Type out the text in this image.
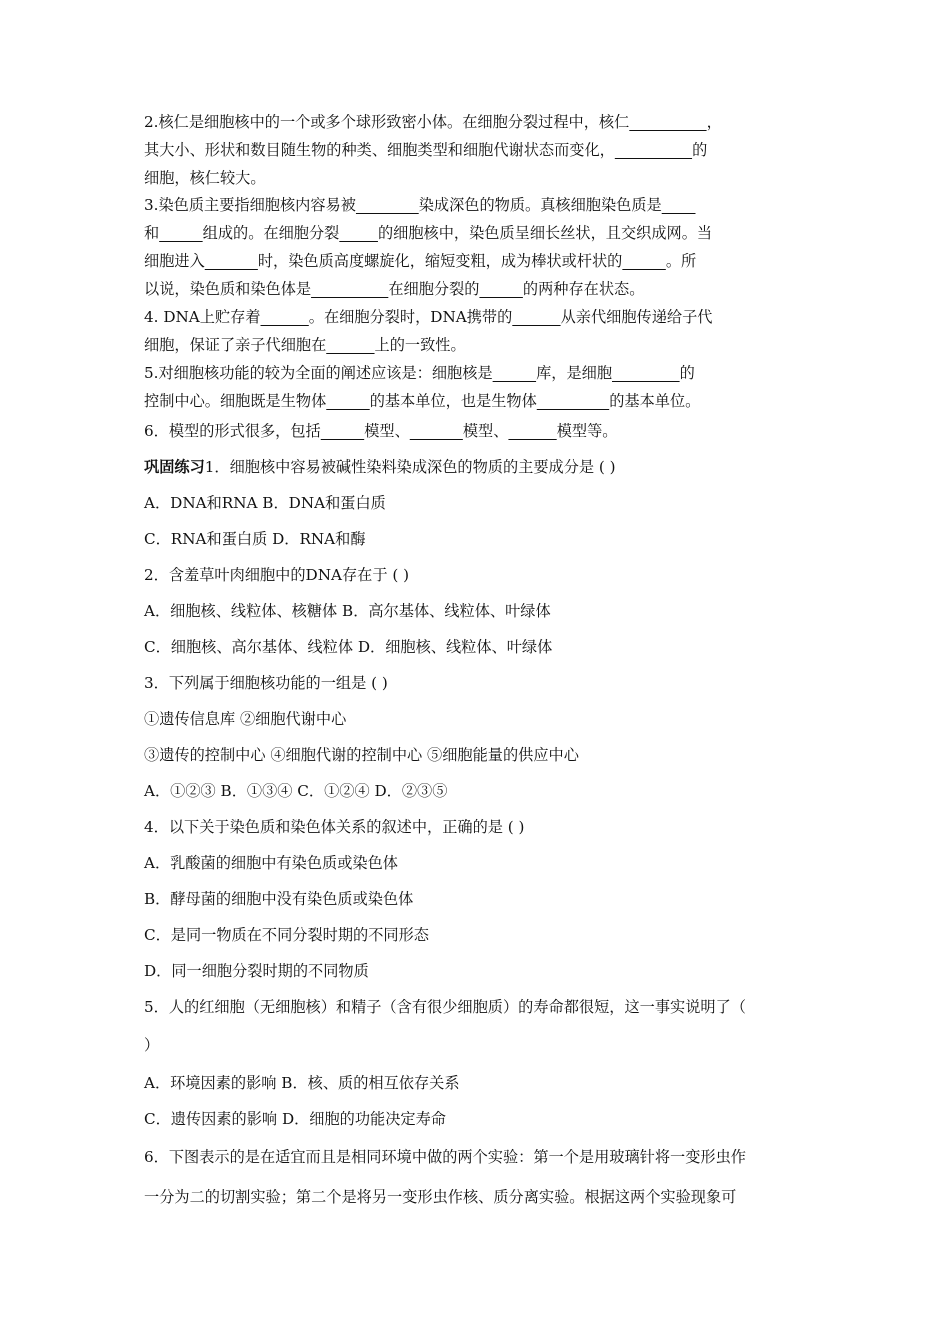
2.核仁是细胞核中的一个或多个球形致密小体。在细胞分裂过程中，核仁	，
其大小、形状和数目随生物的种类、细胞类型和细胞代谢状态而变化，	的
细胞，核仁较大。
3.染色质主要指细胞核内容易被	染成深色的物质。真核细胞染色质是
和	组成的。在细胞分裂	的细胞核中，染色质呈细长丝状，且交织成网。当
细胞进入	时，染色质高度螺旋化，缩短变粗，成为棒状或杆状的	。所
以说，染色质和染色体是	在细胞分裂的	的两种存在状态。
4. DNA上贮存着	。在细胞分裂时，DNA携带的	从亲代细胞传递给子代
细胞，保证了亲子代细胞在	上的一致性。
5.对细胞核功能的较为全面的阐述应该是：细胞核是	库，是细胞	的
控制中心。细胞既是生物体	的基本单位，也是生物体	的基本单位。
6．模型的形式很多，包括	模型、	模型、	模型等。
巩固练习1．细胞核中容易被碱性染料染成深色的物质的主要成分是 ( )
A．DNA和RNA B．DNA和蛋白质
C．RNA和蛋白质 D．RNA和酶
2．含羞草叶肉细胞中的DNA存在于 ( )
A．细胞核、线粒体、核糖体 B．高尔基体、线粒体、叶绿体
C．细胞核、高尔基体、线粒体 D．细胞核、线粒体、叶绿体
3．下列属于细胞核功能的一组是 ( )
①遗传信息库 ②细胞代谢中心
③遗传的控制中心 ④细胞代谢的控制中心 ⑤细胞能量的供应中心
A．①②③ B．①③④ C．①②④ D．②③⑤
4．以下关于染色质和染色体关系的叙述中，正确的是 ( )
A．乳酸菌的细胞中有染色质或染色体
B．酵母菌的细胞中没有染色质或染色体
C．是同一物质在不同分裂时期的不同形态
D．同一细胞分裂时期的不同物质
5．人的红细胞（无细胞核）和精子（含有很少细胞质）的寿命都很短，这一事实说明了（
）
A．环境因素的影响 B．核、质的相互依存关系
C．遗传因素的影响 D．细胞的功能决定寿命
6．下图表示的是在适宜而且是相同环境中做的两个实验：第一个是用玻璃针将一变形虫作
一分为二的切割实验；第二个是将另一变形虫作核、质分离实验。根据这两个实验现象可
